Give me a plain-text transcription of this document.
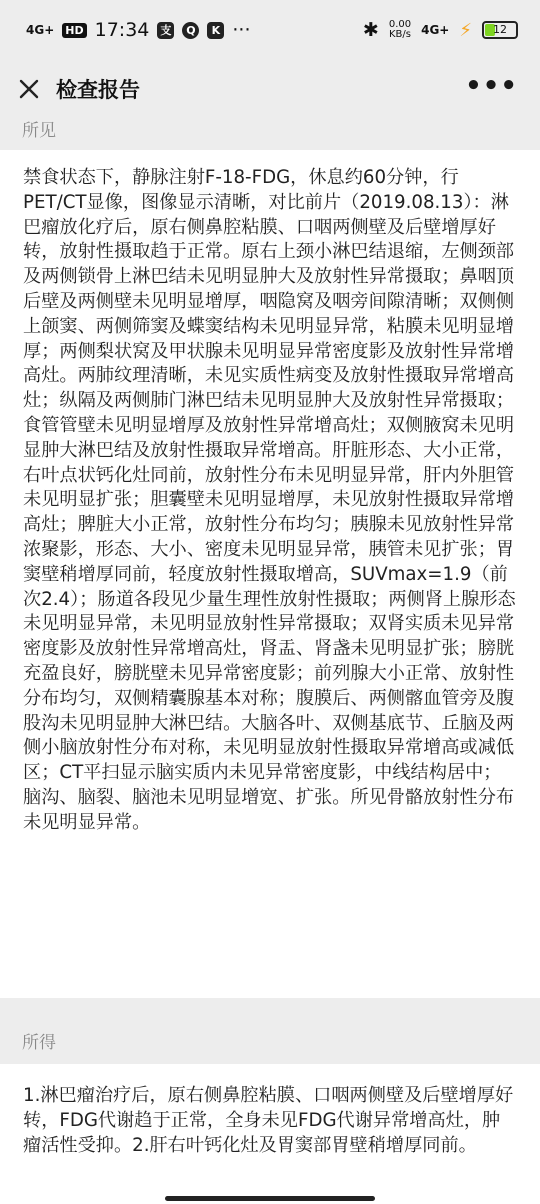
4G+ HD 17:34 支	Q	K ···	✱ 0.00
KB/s 4G+ ⚡	12
检查报告	•••
所见
禁食状态下，静脉注射F-18-FDG，休息约60分钟，行PET/CT显像，图像显示清晰，对比前片（2019.08.13）：淋巴瘤放化疗后，原右侧鼻腔粘膜、口咽两侧壁及后壁增厚好转，放射性摄取趋于正常。原右上颈小淋巴结退缩，左侧颈部及两侧锁骨上淋巴结未见明显肿大及放射性异常摄取；鼻咽顶后壁及两侧壁未见明显增厚，咽隐窝及咽旁间隙清晰；双侧侧上颌窦、两侧筛窦及蝶窦结构未见明显异常，粘膜未见明显增厚；两侧梨状窝及甲状腺未见明显异常密度影及放射性异常增高灶。两肺纹理清晰，未见实质性病变及放射性摄取异常增高灶；纵隔及两侧肺门淋巴结未见明显肿大及放射性异常摄取；食管管壁未见明显增厚及放射性异常增高灶；双侧腋窝未见明显肿大淋巴结及放射性摄取异常增高。肝脏形态、大小正常，右叶点状钙化灶同前，放射性分布未见明显异常，肝内外胆管未见明显扩张；胆囊壁未见明显增厚，未见放射性摄取异常增高灶；脾脏大小正常，放射性分布均匀；胰腺未见放射性异常浓聚影，形态、大小、密度未见明显异常，胰管未见扩张；胃窦壁稍增厚同前，轻度放射性摄取增高，SUVmax=1.9（前次2.4）；肠道各段见少量生理性放射性摄取；两侧肾上腺形态未见明显异常，未见明显放射性异常摄取；双肾实质未见异常密度影及放射性异常增高灶，肾盂、肾盏未见明显扩张；膀胱充盈良好，膀胱壁未见异常密度影；前列腺大小正常、放射性分布均匀，双侧精囊腺基本对称；腹膜后、两侧髂血管旁及腹股沟未见明显肿大淋巴结。大脑各叶、双侧基底节、丘脑及两侧小脑放射性分布对称，未见明显放射性摄取异常增高或减低区；CT平扫显示脑实质内未见异常密度影，中线结构居中；脑沟、脑裂、脑池未见明显增宽、扩张。所见骨骼放射性分布未见明显异常。
所得
1.淋巴瘤治疗后，原右侧鼻腔粘膜、口咽两侧壁及后壁增厚好转，FDG代谢趋于正常，全身未见FDG代谢异常增高灶，肿瘤活性受抑。2.肝右叶钙化灶及胃窦部胃壁稍增厚同前。
